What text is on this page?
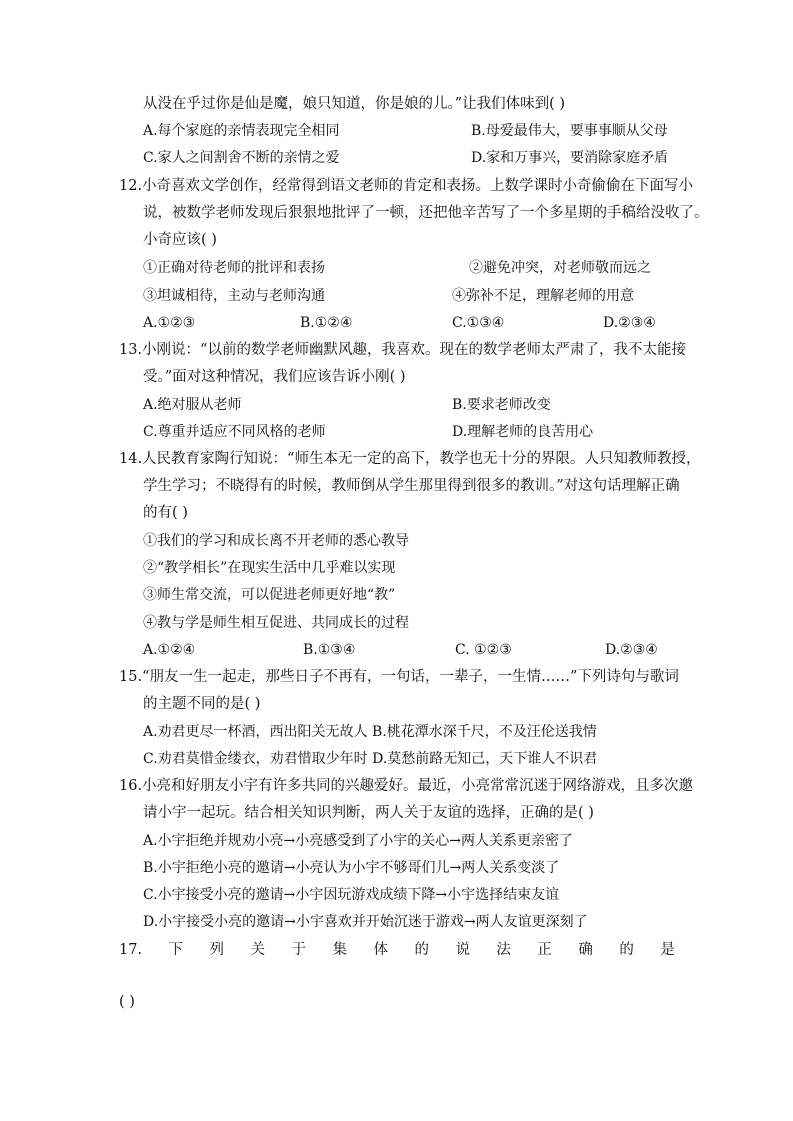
从没在乎过你是仙是魔，娘只知道，你是娘的儿。”让我们体味到( )
A.每个家庭的亲情表现完全相同	B.母爱最伟大，要事事顺从父母
C.家人之间割舍不断的亲情之爱	D.家和万事兴，要消除家庭矛盾
12.小奇喜欢文学创作，经常得到语文老师的肯定和表扬。上数学课时小奇偷偷在下面写小
说，被数学老师发现后狠狠地批评了一顿，还把他辛苦写了一个多星期的手稿给没收了。
小奇应该( )
①正确对待老师的批评和表扬	②避免冲突，对老师敬而远之
③坦诚相待，主动与老师沟通	④弥补不足，理解老师的用意
A.①②③	B.①②④	C.①③④	D.②③④
13.小刚说：“以前的数学老师幽默风趣，我喜欢。现在的数学老师太严肃了，我不太能接
受。”面对这种情况，我们应该告诉小刚( )
A.绝对服从老师	B.要求老师改变
C.尊重并适应不同风格的老师	D.理解老师的良苦用心
14.人民教育家陶行知说：“师生本无一定的高下，教学也无十分的界限。人只知教师教授，
学生学习；不晓得有的时候，教师倒从学生那里得到很多的教训。”对这句话理解正确
的有( )
①我们的学习和成长离不开老师的悉心教导
②“教学相长”在现实生活中几乎难以实现
③师生常交流，可以促进老师更好地“教”
④教与学是师生相互促进、共同成长的过程
A.①②④	B.①③④	C. ①②③	D.②③④
15.“朋友一生一起走，那些日子不再有，一句话，一辈子，一生情……”下列诗句与歌词
的主题不同的是( )
A.劝君更尽一杯酒，西出阳关无故人 B.桃花潭水深千尺，不及汪伦送我情
C.劝君莫惜金缕衣，劝君惜取少年时 D.莫愁前路无知己，天下谁人不识君
16.小亮和好朋友小宇有许多共同的兴趣爱好。最近，小亮常常沉迷于网络游戏，且多次邀
请小宇一起玩。结合相关知识判断，两人关于友谊的选择，正确的是( )
A.小宇拒绝并规劝小亮→小亮感受到了小宇的关心→两人关系更亲密了
B.小宇拒绝小亮的邀请→小亮认为小宇不够哥们儿→两人关系变淡了
C.小宇接受小亮的邀请→小宇因玩游戏成绩下降→小宇选择结束友谊
D.小宇接受小亮的邀请→小宇喜欢并开始沉迷于游戏→两人友谊更深刻了
17. 下 列 关 于 集 体 的 说 法 正 确 的 是
( )
